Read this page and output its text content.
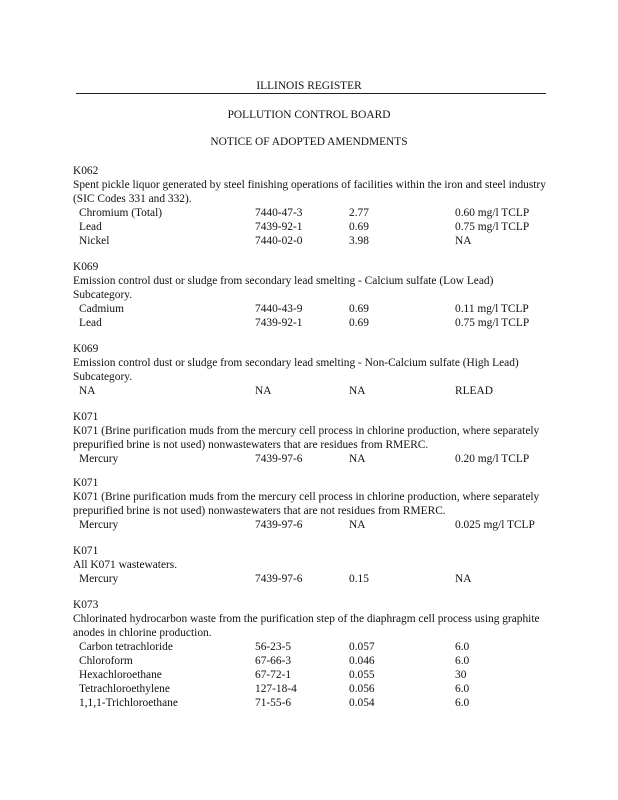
ILLINOIS REGISTER
POLLUTION CONTROL BOARD
NOTICE OF ADOPTED AMENDMENTS
K062
Spent pickle liquor generated by steel finishing operations of facilities within the iron and steel industry (SIC Codes 331 and 332).
Chromium (Total)	7440-47-3	2.77	0.60 mg/l TCLP
Lead	7439-92-1	0.69	0.75 mg/l TCLP
Nickel	7440-02-0	3.98	NA
K069
Emission control dust or sludge from secondary lead smelting - Calcium sulfate (Low Lead) Subcategory.
Cadmium	7440-43-9	0.69	0.11 mg/l TCLP
Lead	7439-92-1	0.69	0.75 mg/l TCLP
K069
Emission control dust or sludge from secondary lead smelting - Non-Calcium sulfate (High Lead) Subcategory.
NA	NA	NA	RLEAD
K071
K071 (Brine purification muds from the mercury cell process in chlorine production, where separately prepurified brine is not used) nonwastewaters that are residues from RMERC.
Mercury	7439-97-6	NA	0.20 mg/l TCLP
K071
K071 (Brine purification muds from the mercury cell process in chlorine production, where separately prepurified brine is not used) nonwastewaters that are not residues from RMERC.
Mercury	7439-97-6	NA	0.025 mg/l TCLP
K071
All K071 wastewaters.
Mercury	7439-97-6	0.15	NA
K073
Chlorinated hydrocarbon waste from the purification step of the diaphragm cell process using graphite anodes in chlorine production.
Carbon tetrachloride	56-23-5	0.057	6.0
Chloroform	67-66-3	0.046	6.0
Hexachloroethane	67-72-1	0.055	30
Tetrachloroethylene	127-18-4	0.056	6.0
1,1,1-Trichloroethane	71-55-6	0.054	6.0
